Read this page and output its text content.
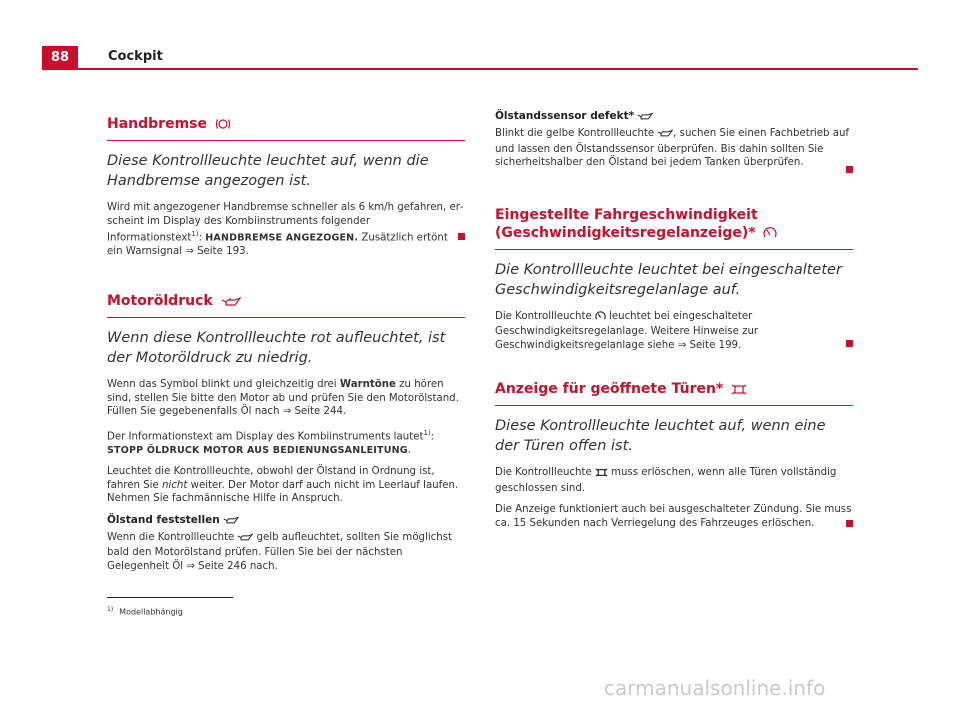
88	Cockpit
Handbremse

Diese Kontrollleuchte leuchtet auf, wenn die Handbremse angezogen ist.

Wird mit angezogener Handbremse schneller als 6 km/h gefahren, erscheint im Display des Kombiinstruments folgender Informationstext$^{1)}$: HANDBREMSE ANGEZOGEN. Zusätzlich ertönt ein Warnsignal ⇒ Seite 193.

Motoröldruck

Wenn diese Kontrollleuchte rot aufleuchtet, ist der Motoröldruck zu niedrig.

Wenn das Symbol blinkt und gleichzeitig drei Warntöne zu hören sind, stellen Sie bitte den Motor ab und prüfen Sie den Motorölstand. Füllen Sie gegebenenfalls Öl nach ⇒ Seite 244.

Der Informationstext am Display des Kombiinstruments lautet$^{1)}$: STOPP ÖLDRUCK MOTOR AUS BEDIENUNGSANLEITUNG.

Leuchtet die Kontrollleuchte, obwohl der Ölstand in Ordnung ist, fahren Sie nicht weiter. Der Motor darf auch nicht im Leerlauf laufen. Nehmen Sie fachmännische Hilfe in Anspruch.

Ölstand feststellen

Wenn die Kontrollleuchte gelb aufleuchtet, sollten Sie möglichst bald den Motorölstand prüfen. Füllen Sie bei der nächsten Gelegenheit Öl ⇒ Seite 246 nach.

Ölstandssensor defekt*

Blinkt die gelbe Kontrollleuchte , suchen Sie einen Fachbetrieb auf und lassen den Ölstandssensor überprüfen. Bis dahin sollten Sie sicherheitshalber den Ölstand bei jedem Tanken überprüfen.

Eingestellte Fahrgeschwindigkeit (Geschwindigkeitsregelanzeige)*

Die Kontrollleuchte leuchtet bei eingeschalteter Geschwindigkeitsregelanlage auf.

Die Kontrollleuchte leuchtet bei eingeschalteter Geschwindigkeitsregelanlage. Weitere Hinweise zur Geschwindigkeitsregelanlage siehe ⇒ Seite 199.

Anzeige für geöffnete Türen*

Diese Kontrollleuchte leuchtet auf, wenn eine der Türen offen ist.

Die Kontrollleuchte muss erlöschen, wenn alle Türen vollständig geschlossen sind.

Die Anzeige funktioniert auch bei ausgeschalteter Zündung. Sie muss ca. 15 Sekunden nach Verriegelung des Fahrzeuges erlöschen.

$^{1)}$ Modellabhängig
carmanualsonline.info
